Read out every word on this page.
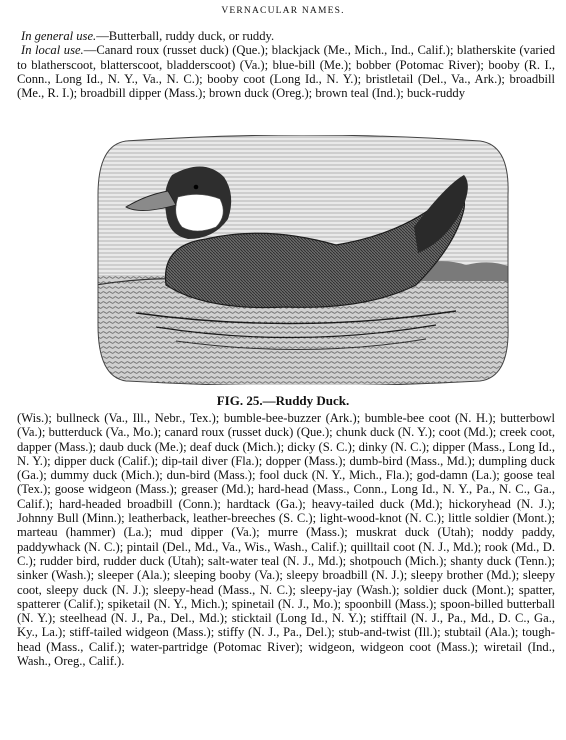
VERNACULAR NAMES.

In general use.—Butterball, ruddy duck, or ruddy.

In local use.—Canard roux (russet duck) (Que.); blackjack (Me., Mich., Ind., Calif.); blatherskite (varied to blatherscoot, blatterscoot, bladderscoot) (Va.); blue-bill (Me.); bobber (Potomac River); booby (R. I., Conn., Long Id., N. Y., Va., N. C.); booby coot (Long Id., N. Y.); bristletail (Del., Va., Ark.); broadbill (Me., R. I.); broadbill dipper (Mass.); brown duck (Oreg.); brown teal (Ind.); buck-ruddy

FIG. 25.—Ruddy Duck.

(Wis.); bullneck (Va., Ill., Nebr., Tex.); bumble-bee-buzzer (Ark.); bumble-bee coot (N. H.); butterbowl (Va.); butterduck (Va., Mo.); canard roux (russet duck) (Que.); chunk duck (N. Y.); coot (Md.); creek coot, dapper (Mass.); daub duck (Me.); deaf duck (Mich.); dicky (S. C.); dinky (N. C.); dipper (Mass., Long Id., N. Y.); dipper duck (Calif.); dip-tail diver (Fla.); dopper (Mass.); dumb-bird (Mass., Md.); dumpling duck (Ga.); dummy duck (Mich.); dun-bird (Mass.); fool duck (N. Y., Mich., Fla.); god-damn (La.); goose teal (Tex.); goose widgeon (Mass.); greaser (Md.); hard-head (Mass., Conn., Long Id., N. Y., Pa., N. C., Ga., Calif.); hard-headed broadbill (Conn.); hardtack (Ga.); heavy-tailed duck (Md.); hickoryhead (N. J.); Johnny Bull (Minn.); leatherback, leather-breeches (S. C.); light-wood-knot (N. C.); little soldier (Mont.); marteau (hammer) (La.); mud dipper (Va.); murre (Mass.); muskrat duck (Utah); noddy paddy, paddywhack (N. C.); pintail (Del., Md., Va., Wis., Wash., Calif.); quilltail coot (N. J., Md.); rook (Md., D. C.); rudder bird, rudder duck (Utah); salt-water teal (N. J., Md.); shotpouch (Mich.); shanty duck (Tenn.); sinker (Wash.); sleeper (Ala.); sleeping booby (Va.); sleepy broadbill (N. J.); sleepy brother (Md.); sleepy coot, sleepy duck (N. J.); sleepy-head (Mass., N. C.); sleepy-jay (Wash.); soldier duck (Mont.); spatter, spatterer (Calif.); spiketail (N. Y., Mich.); spinetail (N. J., Mo.); spoonbill (Mass.); spoon-billed butterball (N. Y.); steelhead (N. J., Pa., Del., Md.); sticktail (Long Id., N. Y.); stifftail (N. J., Pa., Md., D. C., Ga., Ky., La.); stiff-tailed widgeon (Mass.); stiffy (N. J., Pa., Del.); stub-and-twist (Ill.); stubtail (Ala.); tough-head (Mass., Calif.); water-partridge (Potomac River); widgeon, widgeon coot (Mass.); wiretail (Ind., Wash., Oreg., Calif.).
